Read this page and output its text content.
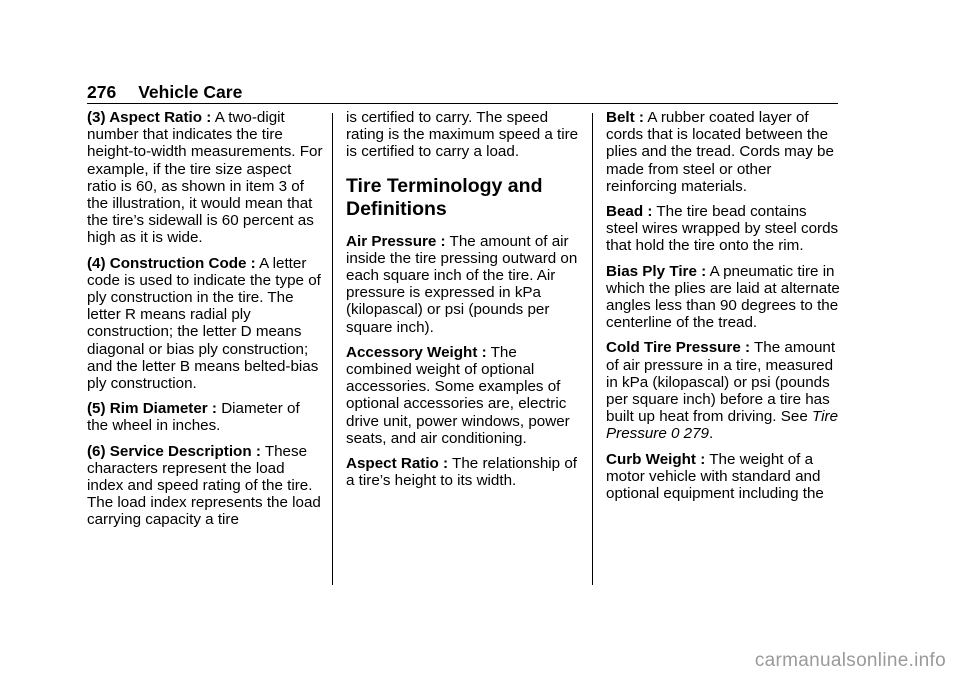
276 Vehicle Care

(3) Aspect Ratio : A two-digit number that indicates the tire height-to-width measurements. For example, if the tire size aspect ratio is 60, as shown in item 3 of the illustration, it would mean that the tire’s sidewall is 60 percent as high as it is wide.

(4) Construction Code : A letter code is used to indicate the type of ply construction in the tire. The letter R means radial ply construction; the letter D means diagonal or bias ply construction; and the letter B means belted-bias ply construction.

(5) Rim Diameter : Diameter of the wheel in inches.

(6) Service Description : These characters represent the load index and speed rating of the tire. The load index represents the load carrying capacity a tire

is certified to carry. The speed rating is the maximum speed a tire is certified to carry a load.

Tire Terminology and Definitions

Air Pressure : The amount of air inside the tire pressing outward on each square inch of the tire. Air pressure is expressed in kPa (kilopascal) or psi (pounds per square inch).

Accessory Weight : The combined weight of optional accessories. Some examples of optional accessories are, electric drive unit, power windows, power seats, and air conditioning.

Aspect Ratio : The relationship of a tire’s height to its width.

Belt : A rubber coated layer of cords that is located between the plies and the tread. Cords may be made from steel or other reinforcing materials.

Bead : The tire bead contains steel wires wrapped by steel cords that hold the tire onto the rim.

Bias Ply Tire : A pneumatic tire in which the plies are laid at alternate angles less than 90 degrees to the centerline of the tread.

Cold Tire Pressure : The amount of air pressure in a tire, measured in kPa (kilopascal) or psi (pounds per square inch) before a tire has built up heat from driving. See Tire Pressure 0 279.

Curb Weight : The weight of a motor vehicle with standard and optional equipment including the

carmanualsonline.info
